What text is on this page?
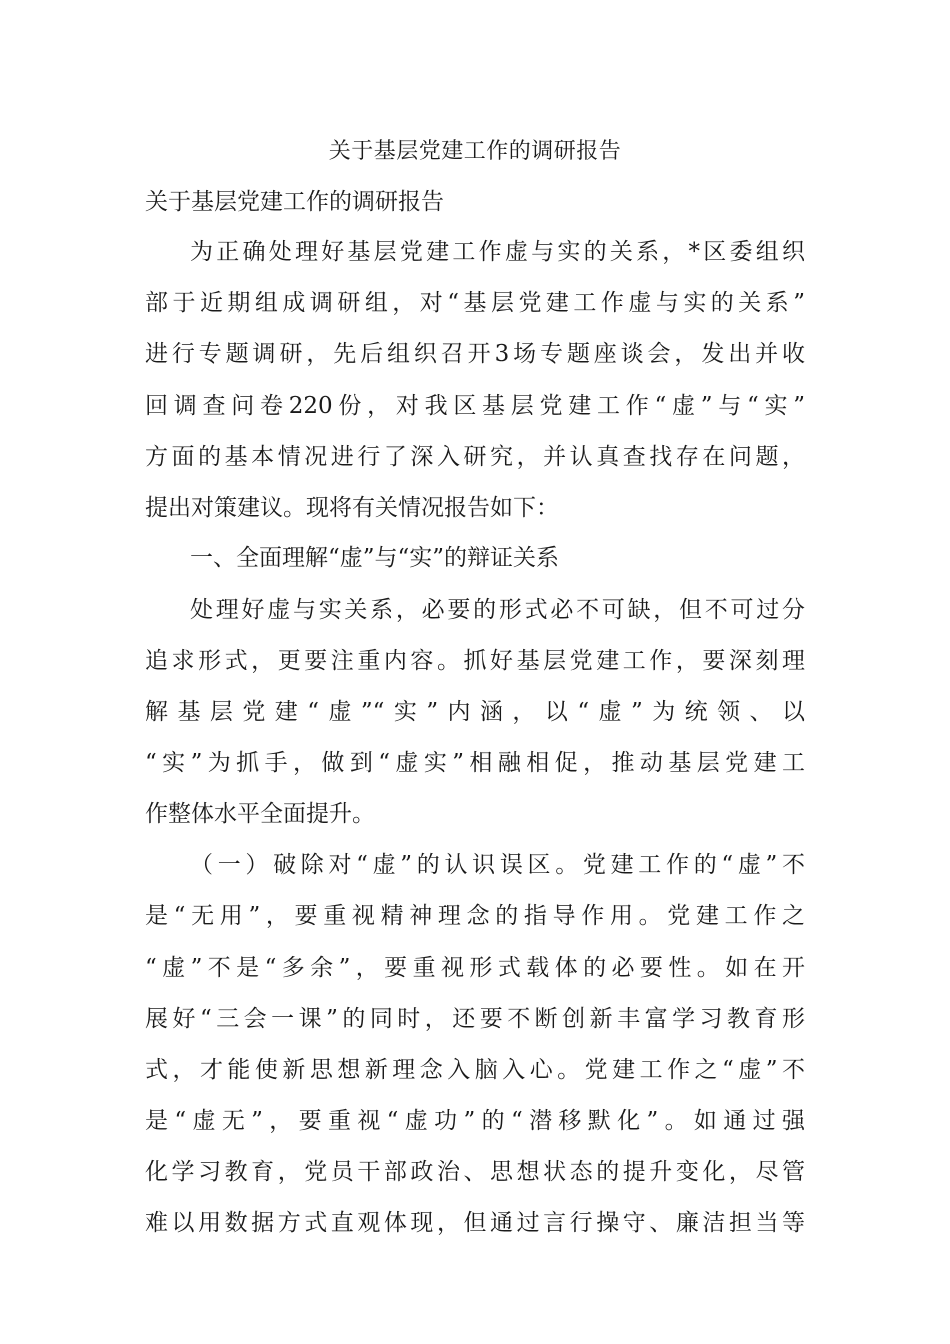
关于基层党建工作的调研报告
关于基层党建工作的调研报告
为正确处理好基层党建工作虚与实的关系，*区委组织
部于近期组成调研组，对“基层党建工作虚与实的关系”
进行专题调研，先后组织召开3场专题座谈会，发出并收
回调查问卷220份，对我区基层党建工作“虚”与“实”
方面的基本情况进行了深入研究，并认真查找存在问题，
提出对策建议。现将有关情况报告如下：
一、全面理解“虚”与“实”的辩证关系
处理好虚与实关系，必要的形式必不可缺，但不可过分
追求形式，更要注重内容。抓好基层党建工作，要深刻理
解基层党建“虚”“实”内涵，以“虚”为统领、以
“实”为抓手，做到“虚实”相融相促，推动基层党建工
作整体水平全面提升。
（一）破除对“虚”的认识误区。党建工作的“虚”不
是“无用”，要重视精神理念的指导作用。党建工作之
“虚”不是“多余”，要重视形式载体的必要性。如在开
展好“三会一课”的同时，还要不断创新丰富学习教育形
式，才能使新思想新理念入脑入心。党建工作之“虚”不
是“虚无”，要重视“虚功”的“潜移默化”。如通过强
化学习教育，党员干部政治、思想状态的提升变化，尽管
难以用数据方式直观体现，但通过言行操守、廉洁担当等
